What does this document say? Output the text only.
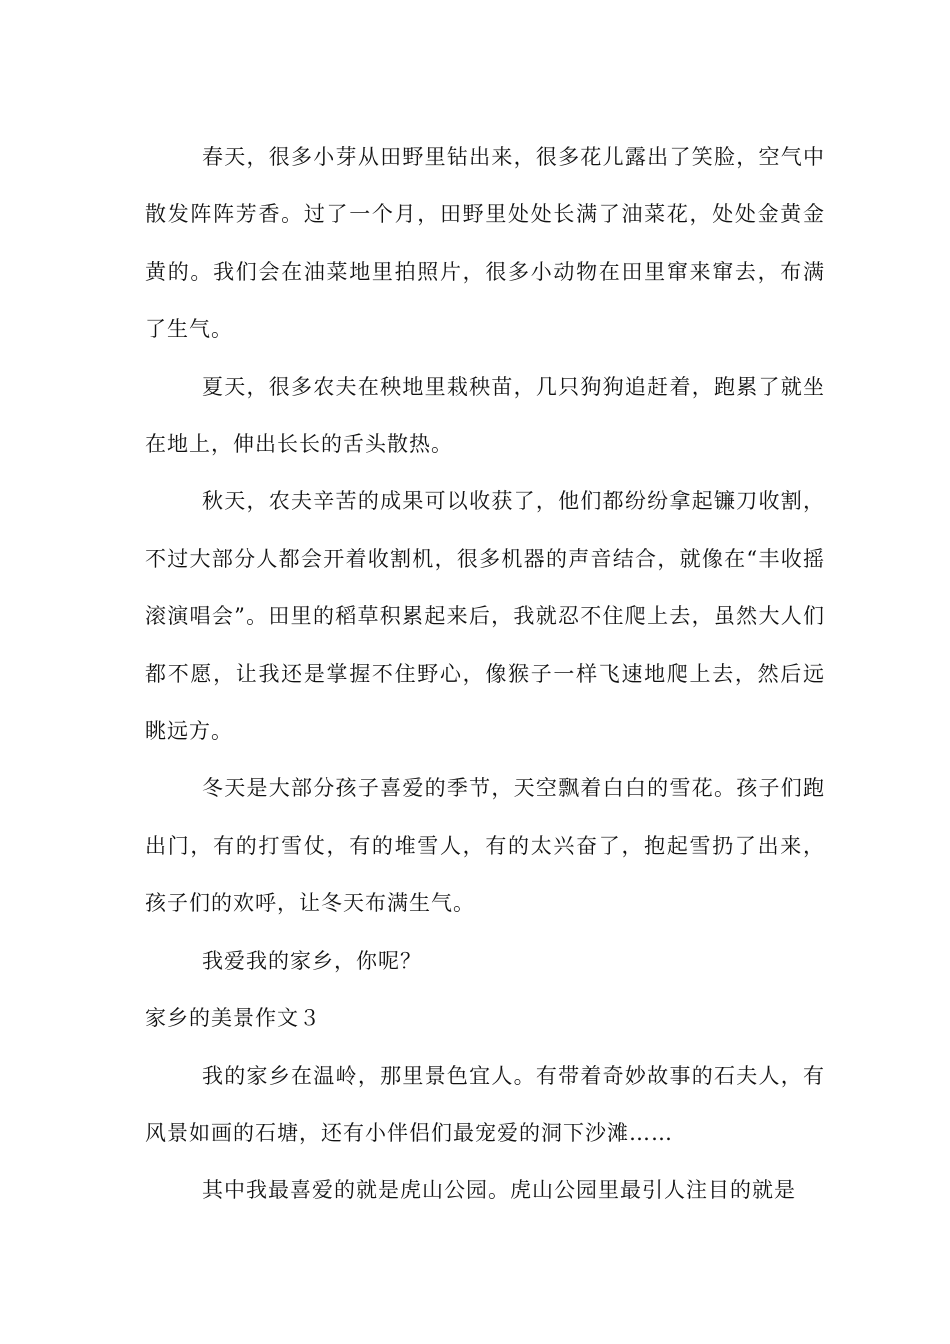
春天，很多小芽从田野里钻出来，很多花儿露出了笑脸，空气中散发阵阵芳香。过了一个月，田野里处处长满了油菜花，处处金黄金黄的。我们会在油菜地里拍照片，很多小动物在田里窜来窜去，布满了生气。

夏天，很多农夫在秧地里栽秧苗，几只狗狗追赶着，跑累了就坐在地上，伸出长长的舌头散热。

秋天，农夫辛苦的成果可以收获了，他们都纷纷拿起镰刀收割，不过大部分人都会开着收割机，很多机器的声音结合，就像在“丰收摇滚演唱会”。田里的稻草积累起来后，我就忍不住爬上去，虽然大人们都不愿，让我还是掌握不住野心，像猴子一样飞速地爬上去，然后远眺远方。

冬天是大部分孩子喜爱的季节，天空飘着白白的雪花。孩子们跑出门，有的打雪仗，有的堆雪人，有的太兴奋了，抱起雪扔了出来，孩子们的欢呼，让冬天布满生气。

我爱我的家乡，你呢？

家乡的美景作文３

我的家乡在温岭，那里景色宜人。有带着奇妙故事的石夫人，有风景如画的石塘，还有小伴侣们最宠爱的洞下沙滩……

其中我最喜爱的就是虎山公园。虎山公园里最引人注目的就是
